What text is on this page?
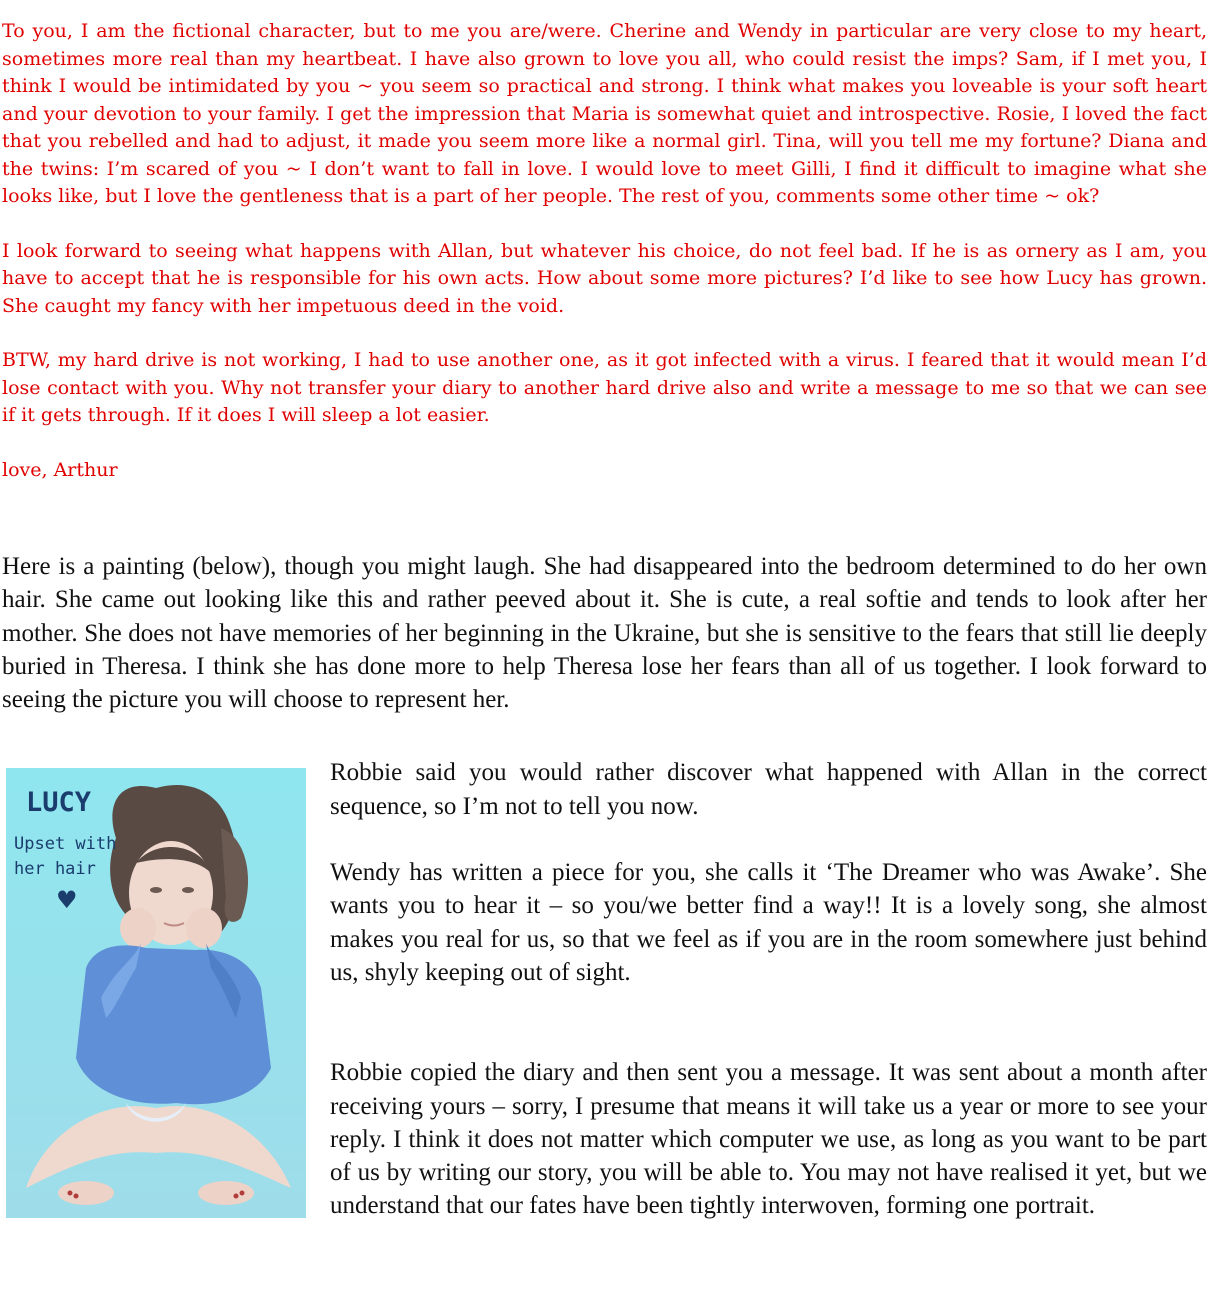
To you, I am the fictional character, but to me you are/were. Cherine and Wendy in particular are very close to my heart, sometimes more real than my heartbeat. I have also grown to love you all, who could resist the imps? Sam, if I met you, I think I would be intimidated by you ~ you seem so practical and strong. I think what makes you loveable is your soft heart and your devotion to your family. I get the impression that Maria is somewhat quiet and introspective. Rosie, I loved the fact that you rebelled and had to adjust, it made you seem more like a normal girl. Tina, will you tell me my fortune? Diana and the twins: I’m scared of you ~ I don’t want to fall in love. I would love to meet Gilli, I find it difficult to imagine what she looks like, but I love the gentleness that is a part of her people. The rest of you, comments some other time ~ ok?

I look forward to seeing what happens with Allan, but whatever his choice, do not feel bad. If he is as ornery as I am, you have to accept that he is responsible for his own acts. How about some more pictures? I’d like to see how Lucy has grown. She caught my fancy with her impetuous deed in the void.

BTW, my hard drive is not working, I had to use another one, as it got infected with a virus. I feared that it would mean I’d lose contact with you. Why not transfer your diary to another hard drive also and write a message to me so that we can see if it gets through. If it does I will sleep a lot easier.

love, Arthur

Here is a painting (below), though you might laugh. She had disappeared into the bedroom determined to do her own hair. She came out looking like this and rather peeved about it. She is cute, a real softie and tends to look after her mother. She does not have memories of her beginning in the Ukraine, but she is sensitive to the fears that still lie deeply buried in Theresa. I think she has done more to help Theresa lose her fears than all of us together. I look forward to seeing the picture you will choose to represent her.

LUCY
Upset with
her hair
♥

Robbie said you would rather discover what happened with Allan in the correct sequence, so I’m not to tell you now.

Wendy has written a piece for you, she calls it ‘The Dreamer who was Awake’. She wants you to hear it – so you/we better find a way!! It is a lovely song, she almost makes you real for us, so that we feel as if you are in the room somewhere just behind us, shyly keeping out of sight.

Robbie copied the diary and then sent you a message. It was sent about a month after receiving yours – sorry, I presume that means it will take us a year or more to see your reply. I think it does not matter which computer we use, as long as you want to be part of us by writing our story, you will be able to. You may not have realised it yet, but we understand that our fates have been tightly interwoven, forming one portrait.
